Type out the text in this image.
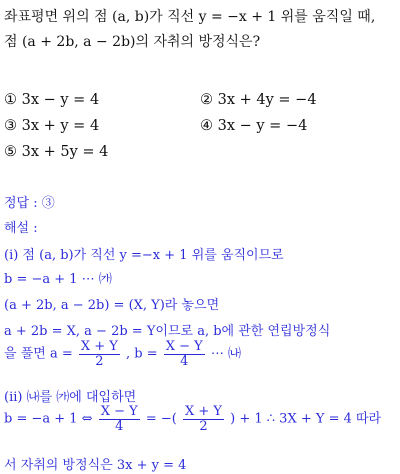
좌표평면 위의 점 (a, b)가 직선 y = −x + 1 위를 움직일 때,
점 (a + 2b, a − 2b)의 자취의 방정식은?
① 3x − y = 4	② 3x + 4y = −4
③ 3x + y = 4	④ 3x − y = −4
⑤ 3x + 5y = 4
정답 : ③
해설 :
(i) 점 (a, b)가 직선 y =−x + 1 위를 움직이므로
b = −a + 1 ⋯ ㈎
(a + 2b, a − 2b) = (X, Y)라 놓으면
a + 2b = X, a − 2b = Y이므로 a, b에 관한 연립방정식
을 풀면 $a = \frac{X + Y}{2}$ , $b = \frac{X - Y}{4}$ ⋯ ㈏
(ii) ㈏를 ㈎에 대입하면
b = −a + 1 ⇔ $\frac{X - Y}{4}$ = −( $\frac{X + Y}{2}$ ) + 1 ∴ 3X + Y = 4 따라
서 자취의 방정식은 3x + y = 4
